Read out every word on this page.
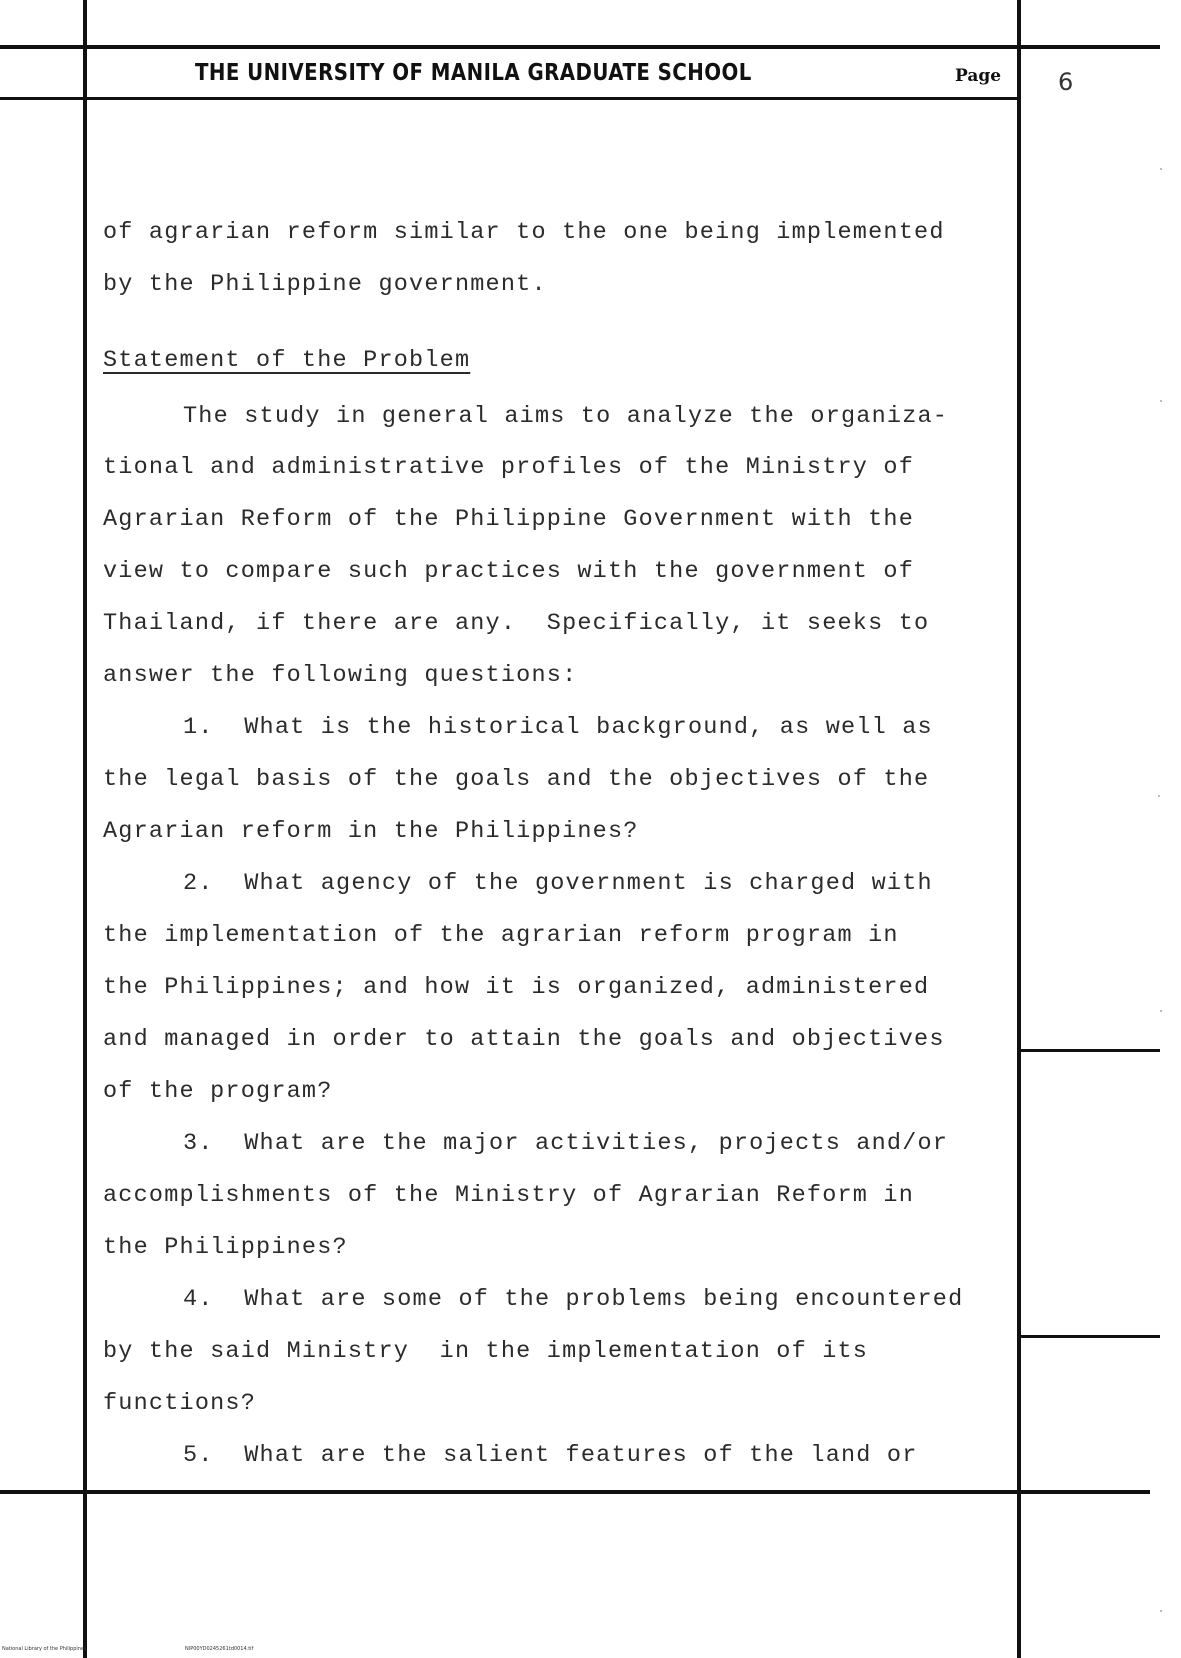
THE UNIVERSITY OF MANILA GRADUATE SCHOOL	Page 6
of agrarian reform similar to the one being implemented
by the Philippine government.
Statement of the Problem
The study in general aims to analyze the organiza-
tional and administrative profiles of the Ministry of
Agrarian Reform of the Philippine Government with the
view to compare such practices with the government of
Thailand, if there are any.  Specifically, it seeks to
answer the following questions:
1.  What is the historical background, as well as
the legal basis of the goals and the objectives of the
Agrarian reform in the Philippines?
2.  What agency of the government is charged with
the implementation of the agrarian reform program in
the Philippines; and how it is organized, administered
and managed in order to attain the goals and objectives
of the program?
3.  What are the major activities, projects and/or
accomplishments of the Ministry of Agrarian Reform in
the Philippines?
4.  What are some of the problems being encountered
by the said Ministry  in the implementation of its
functions?
5.  What are the salient features of the land or
National Library of the Philippines	NIP00YD0245261td0014.tif
